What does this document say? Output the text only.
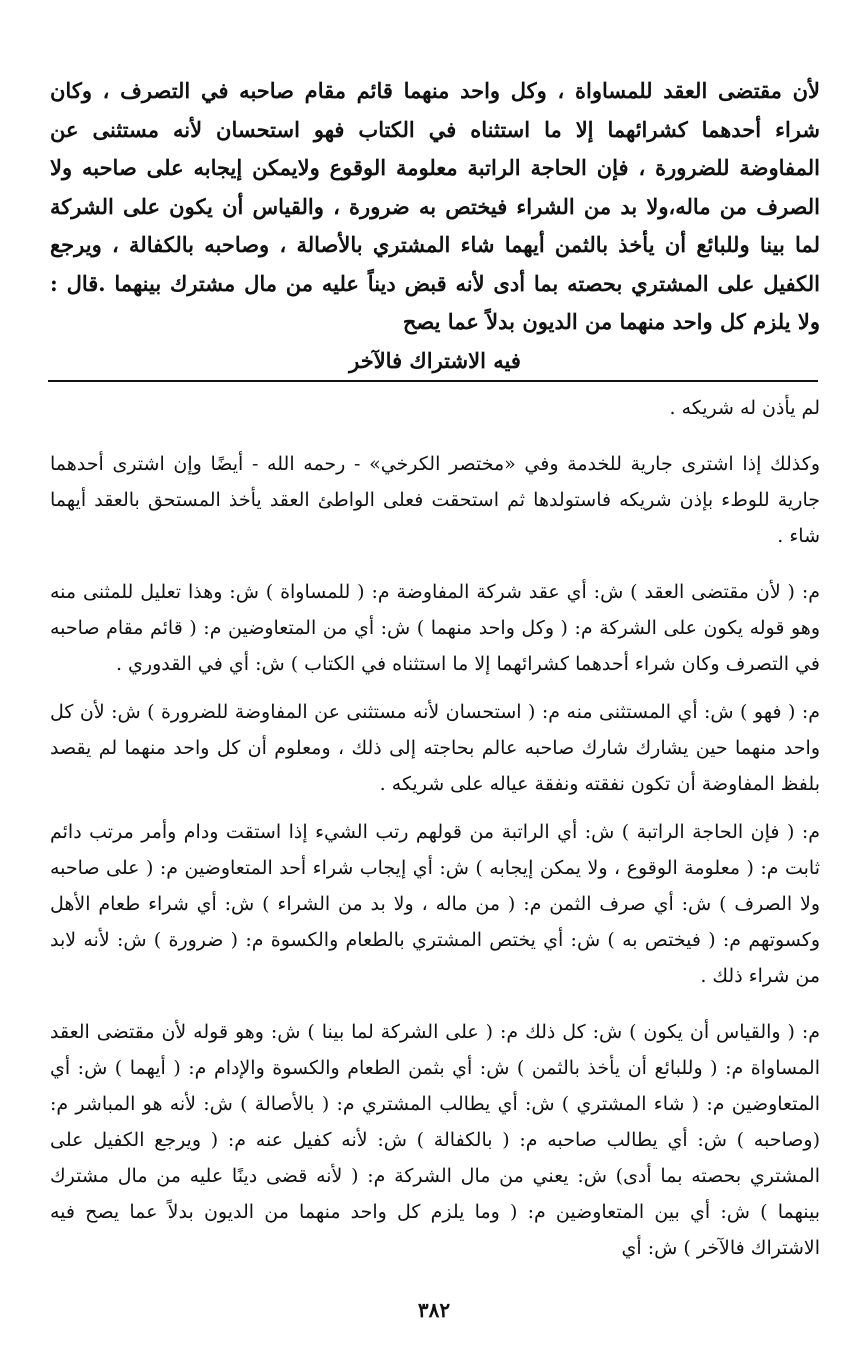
لأن مقتضى العقد للمساواة ، وكل واحد منهما قائم مقام صاحبه في التصرف ، وكان شراء أحدهما كشرائهما إلا ما استثناه في الكتاب فهو استحسان لأنه مستثنى عن المفاوضة للضرورة ، فإن الحاجة الراتبة معلومة الوقوع ولايمكن إيجابه على صاحبه ولا الصرف من ماله،ولا بد من الشراء فيختص به ضرورة ، والقياس أن يكون على الشركة لما بينا وللبائع أن يأخذ بالثمن أيهما شاء المشتري بالأصالة ، وصاحبه بالكفالة ، ويرجع الكفيل على المشتري بحصته بما أدى لأنه قبض ديناً عليه من مال مشترك بينهما .قال : ولا يلزم كل واحد منهما من الديون بدلاً عما يصح
فيه الاشتراك فالآخر

لم يأذن له شريكه .

وكذلك إذا اشترى جارية للخدمة وفي «مختصر الكرخي» - رحمه الله - أيضًا وإن اشترى أحدهما جارية للوطء بإذن شريكه فاستولدها ثم استحقت فعلى الواطئ العقد يأخذ المستحق بالعقد أيهما شاء .

م: ( لأن مقتضى العقد ) ش: أي عقد شركة المفاوضة م: ( للمساواة ) ش: وهذا تعليل للمثنى منه وهو قوله يكون على الشركة م: ( وكل واحد منهما ) ش: أي من المتعاوضين م: ( قائم مقام صاحبه في التصرف وكان شراء أحدهما كشرائهما إلا ما استثناه في الكتاب ) ش: أي في القدوري .

م: ( فهو ) ش: أي المستثنى منه م: ( استحسان لأنه مستثنى عن المفاوضة للضرورة ) ش: لأن كل واحد منهما حين يشارك شارك صاحبه عالم بحاجته إلى ذلك ، ومعلوم أن كل واحد منهما لم يقصد بلفظ المفاوضة أن تكون نفقته ونفقة عياله على شريكه .

م: ( فإن الحاجة الراتبة ) ش: أي الراتبة من قولهم رتب الشيء إذا استقت ودام وأمر مرتب دائم ثابت م: ( معلومة الوقوع ، ولا يمكن إيجابه ) ش: أي إيجاب شراء أحد المتعاوضين م: ( على صاحبه ولا الصرف ) ش: أي صرف الثمن م: ( من ماله ، ولا بد من الشراء ) ش: أي شراء طعام الأهل وكسوتهم م: ( فيختص به ) ش: أي يختص المشتري بالطعام والكسوة م: ( ضرورة ) ش: لأنه لابد من شراء ذلك .

م: ( والقياس أن يكون ) ش: كل ذلك م: ( على الشركة لما بينا ) ش: وهو قوله لأن مقتضى العقد المساواة م: ( وللبائع أن يأخذ بالثمن ) ش: أي بثمن الطعام والكسوة والإدام م: ( أيهما ) ش: أي المتعاوضين م: ( شاء المشتري ) ش: أي يطالب المشتري م: ( بالأصالة ) ش: لأنه هو المباشر م: (وصاحبه ) ش: أي يطالب صاحبه م: ( بالكفالة ) ش: لأنه كفيل عنه م: ( ويرجع الكفيل على المشتري بحصته بما أدى) ش: يعني من مال الشركة م: ( لأنه قضى دينًا عليه من مال مشترك بينهما ) ش: أي بين المتعاوضين م: ( وما يلزم كل واحد منهما من الديون بدلاً عما يصح فيه الاشتراك فالآخر ) ش: أي

٣٨٢
